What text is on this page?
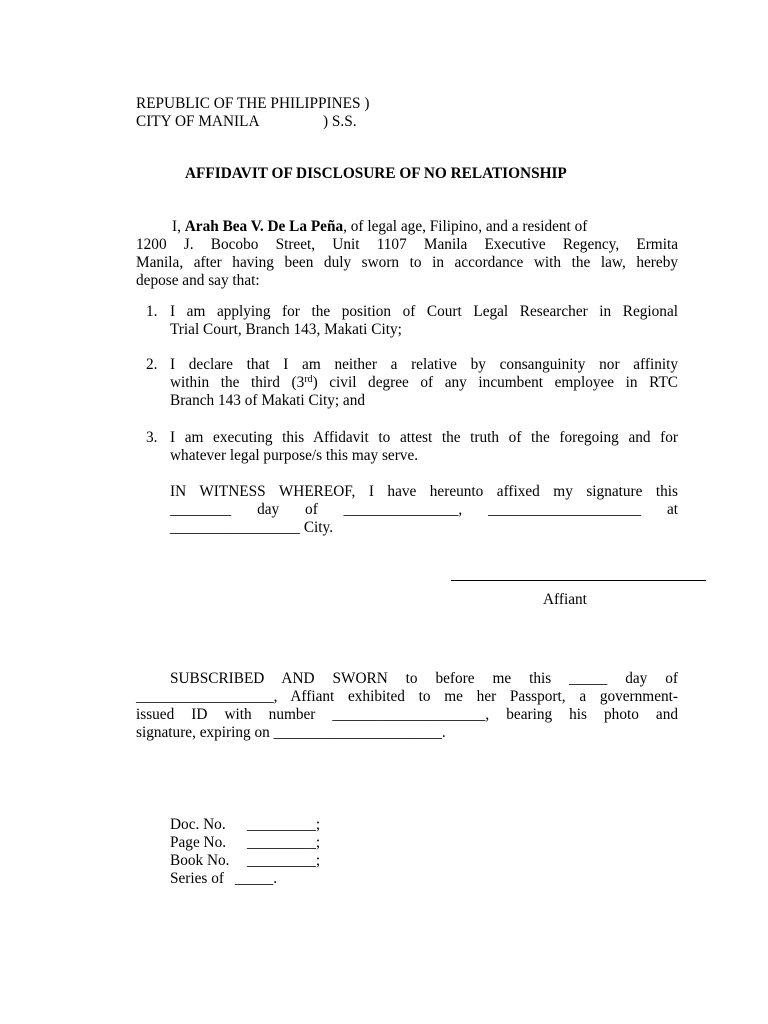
REPUBLIC OF THE PHILIPPINES )
CITY OF MANILA	) S.S.
AFFIDAVIT OF DISCLOSURE OF NO RELATIONSHIP
I, Arah Bea V. De La Peña, of legal age, Filipino, and a resident of
1200 J. Bocobo Street, Unit 1107 Manila Executive Regency, Ermita
Manila, after having been duly sworn to in accordance with the law, hereby
depose and say that:
1. I am applying for the position of Court Legal Researcher in Regional
Trial Court, Branch 143, Makati City;
2. I declare that I am neither a relative by consanguinity nor affinity
within the third (3rd) civil degree of any incumbent employee in RTC
Branch 143 of Makati City; and
3. I am executing this Affidavit to attest the truth of the foregoing and for
whatever legal purpose/s this may serve.
IN WITNESS WHEREOF, I have hereunto affixed my signature this
________ day of _______________, ____________________ at
_________________ City.
Affiant
SUBSCRIBED AND SWORN to before me this _____ day of
__________________, Affiant exhibited to me her Passport, a government-
issued ID with number ____________________, bearing his photo and
signature, expiring on ______________________.
Doc. No. _________;
Page No. _________;
Book No. _________;
Series of _____.
